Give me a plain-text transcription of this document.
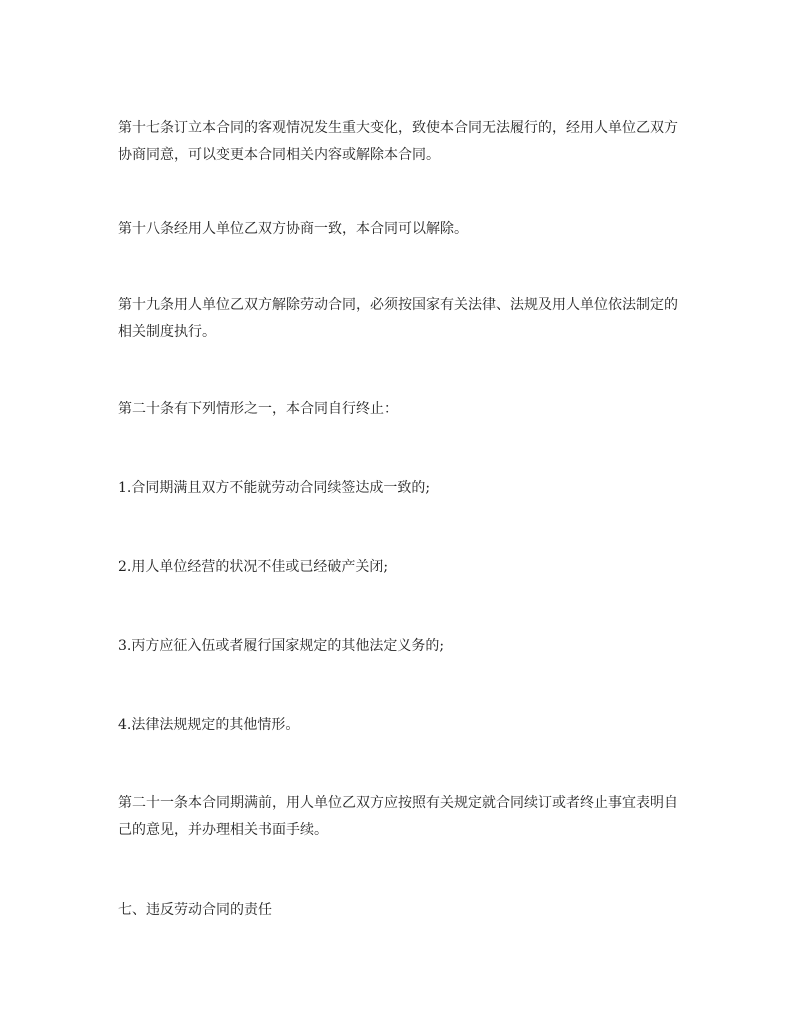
第十七条订立本合同的客观情况发生重大变化，致使本合同无法履行的，经用人单位乙双方协商同意，可以变更本合同相关内容或解除本合同。

第十八条经用人单位乙双方协商一致，本合同可以解除。

第十九条用人单位乙双方解除劳动合同，必须按国家有关法律、法规及用人单位依法制定的相关制度执行。

第二十条有下列情形之一，本合同自行终止：

1.合同期满且双方不能就劳动合同续签达成一致的;

2.用人单位经营的状况不佳或已经破产关闭;

3.丙方应征入伍或者履行国家规定的其他法定义务的;

4.法律法规规定的其他情形。

第二十一条本合同期满前，用人单位乙双方应按照有关规定就合同续订或者终止事宜表明自己的意见，并办理相关书面手续。

七、违反劳动合同的责任
